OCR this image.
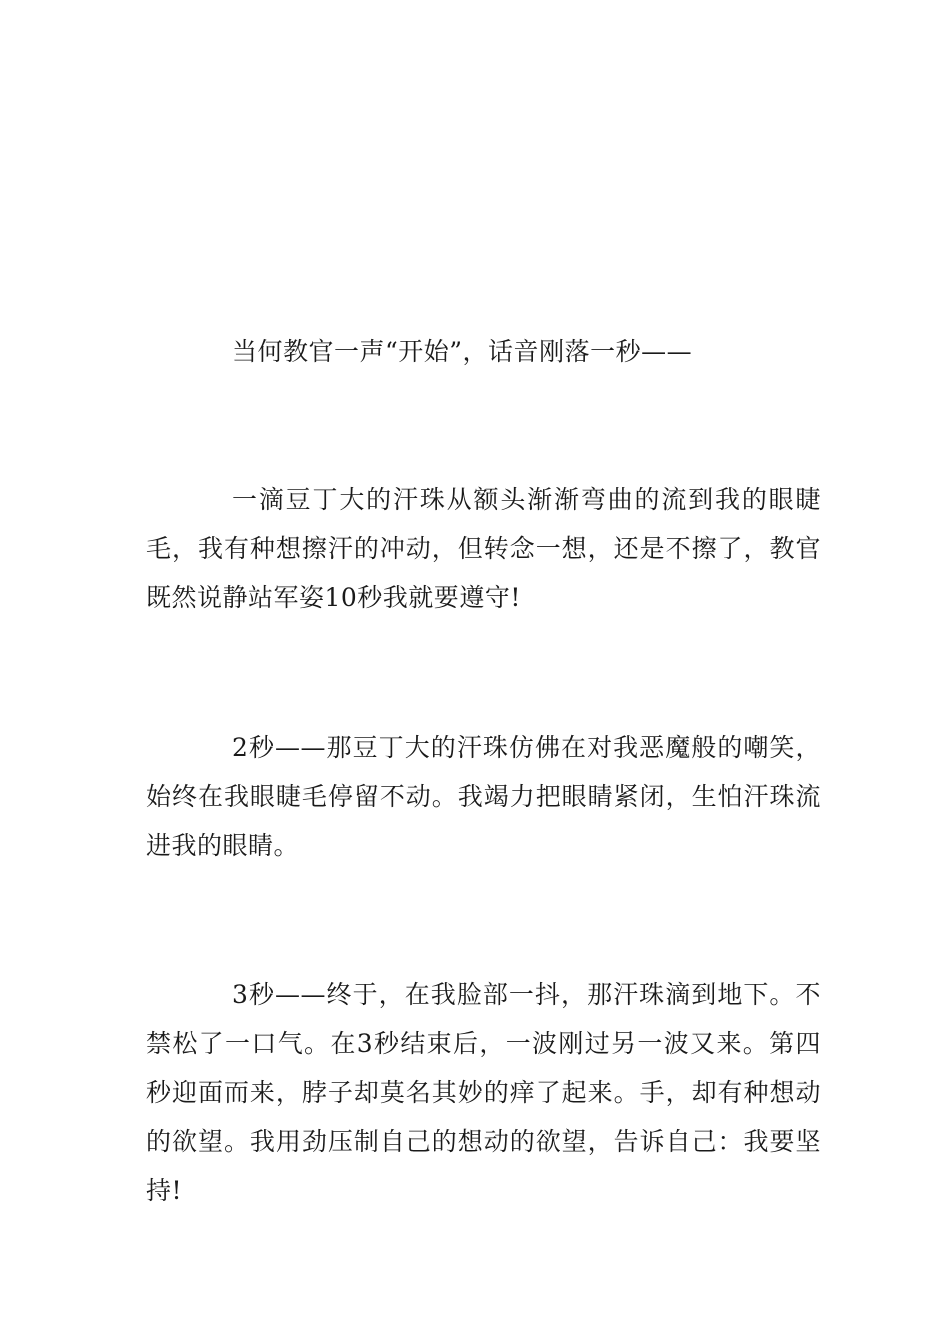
当何教官一声“开始”，话音刚落一秒——

一滴豆丁大的汗珠从额头渐渐弯曲的流到我的眼睫毛，我有种想擦汗的冲动，但转念一想，还是不擦了，教官既然说静站军姿10秒我就要遵守!

2秒——那豆丁大的汗珠仿佛在对我恶魔般的嘲笑，始终在我眼睫毛停留不动。我竭力把眼睛紧闭，生怕汗珠流进我的眼睛。

3秒——终于，在我脸部一抖，那汗珠滴到地下。不禁松了一口气。在3秒结束后，一波刚过另一波又来。第四秒迎面而来，脖子却莫名其妙的痒了起来。手，却有种想动的欲望。我用劲压制自己的想动的欲望，告诉自己：我要坚持!
